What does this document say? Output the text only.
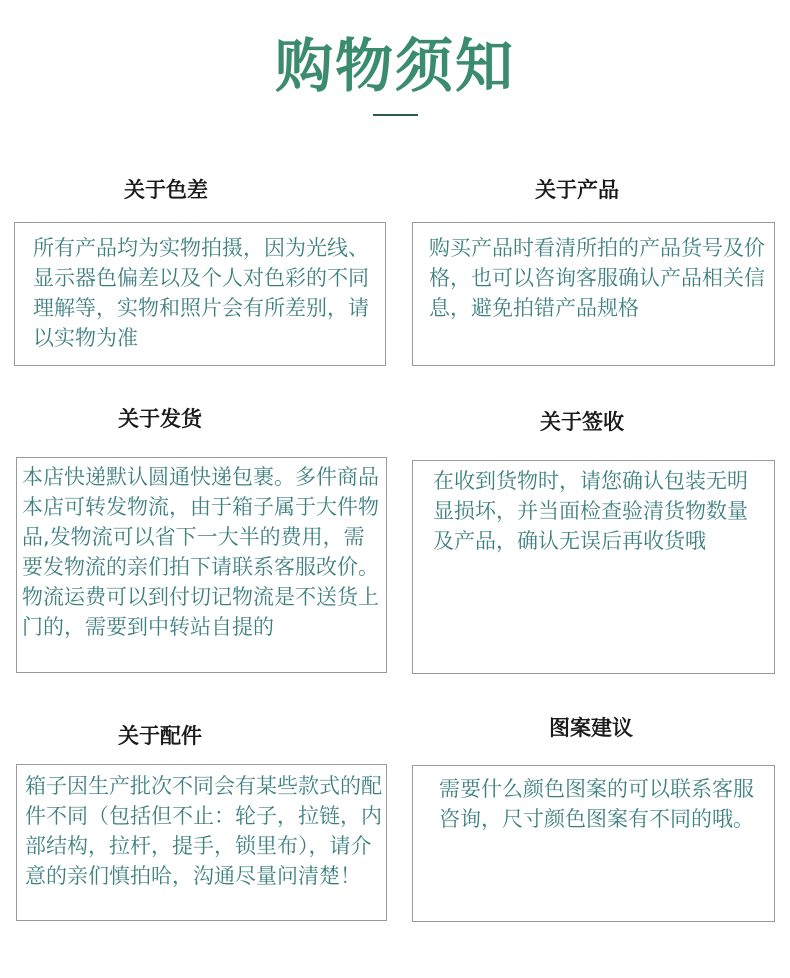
购物须知
关于色差
所有产品均为实物拍摄，因为光线、显示器色偏差以及个人对色彩的不同理解等，实物和照片会有所差别，请以实物为准
关于产品
购买产品时看清所拍的产品货号及价格，也可以咨询客服确认产品相关信息，避免拍错产品规格
关于发货
本店快递默认圆通快递包裹。多件商品本店可转发物流，由于箱子属于大件物品,发物流可以省下一大半的费用，需要发物流的亲们拍下请联系客服改价。物流运费可以到付切记物流是不送货上门的，需要到中转站自提的
关于签收
在收到货物时，请您确认包装无明显损坏，并当面检查验清货物数量及产品，确认无误后再收货哦
关于配件
箱子因生产批次不同会有某些款式的配件不同（包括但不止：轮子，拉链，内部结构，拉杆，提手，锁里布），请介意的亲们慎拍哈，沟通尽量问清楚！
图案建议
需要什么颜色图案的可以联系客服咨询，尺寸颜色图案有不同的哦。
